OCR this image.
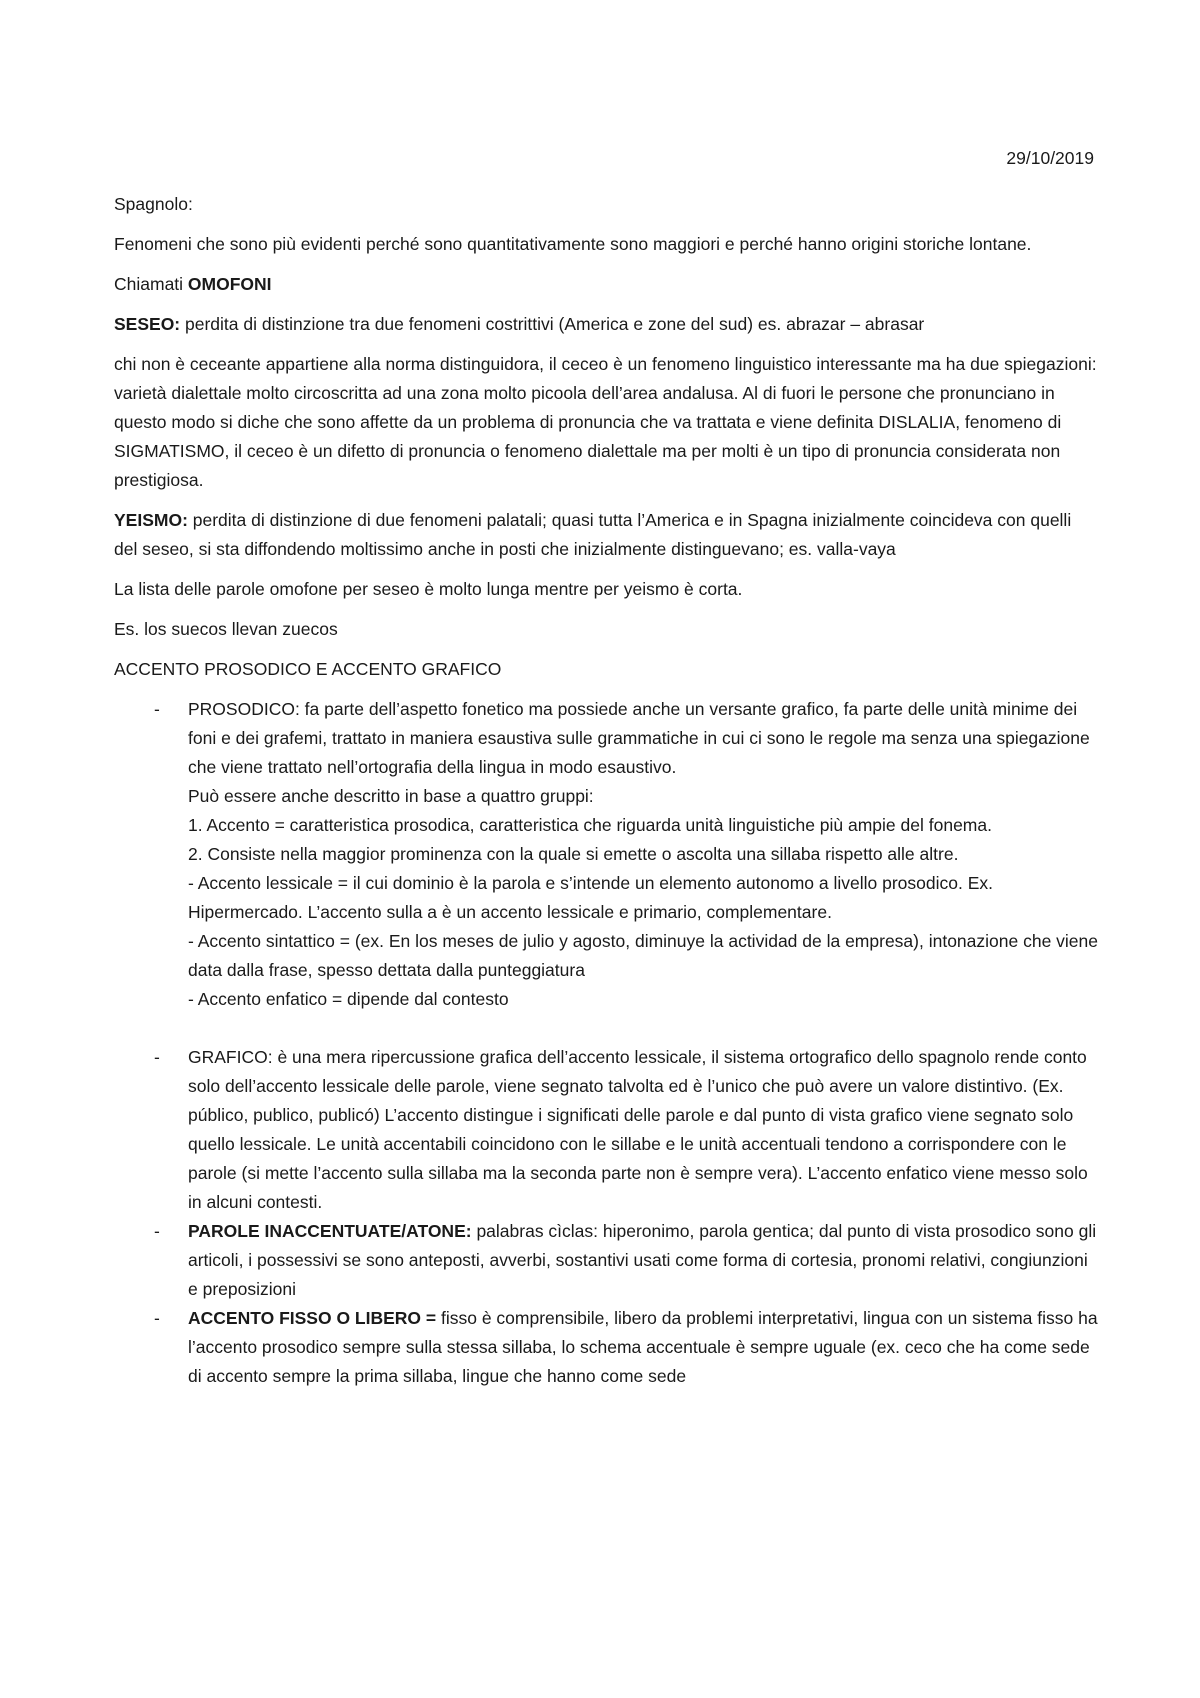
29/10/2019

Spagnolo:

Fenomeni che sono più evidenti perché sono quantitativamente sono maggiori e perché hanno origini storiche lontane.

Chiamati OMOFONI

SESEO: perdita di distinzione tra due fenomeni costrittivi (America e zone del sud) es. abrazar – abrasar

chi non è ceceante appartiene alla norma distinguidora, il ceceo è un fenomeno linguistico interessante ma ha due spiegazioni: varietà dialettale molto circoscritta ad una zona molto picoola dell’area andalusa. Al di fuori le persone che pronunciano in questo modo si diche che sono affette da un problema di pronuncia che va trattata e viene definita DISLALIA, fenomeno di SIGMATISMO, il ceceo è un difetto di pronuncia o fenomeno dialettale ma per molti è un tipo di pronuncia considerata non prestigiosa.

YEISMO: perdita di distinzione di due fenomeni palatali; quasi tutta l’America e in Spagna inizialmente coincideva con quelli del seseo, si sta diffondendo moltissimo anche in posti che inizialmente distinguevano; es. valla-vaya

La lista delle parole omofone per seseo è molto lunga mentre per yeismo è corta.

Es. los suecos llevan zuecos

ACCENTO PROSODICO E ACCENTO GRAFICO

- PROSODICO: fa parte dell’aspetto fonetico ma possiede anche un versante grafico, fa parte delle unità minime dei foni e dei grafemi, trattato in maniera esaustiva sulle grammatiche in cui ci sono le regole ma senza una spiegazione che viene trattato nell’ortografia della lingua in modo esaustivo.
Può essere anche descritto in base a quattro gruppi:
1. Accento = caratteristica prosodica, caratteristica che riguarda unità linguistiche più ampie del fonema.
2. Consiste nella maggior prominenza con la quale si emette o ascolta una sillaba rispetto alle altre.
- Accento lessicale = il cui dominio è la parola e s’intende un elemento autonomo a livello prosodico. Ex. Hipermercado. L’accento sulla a è un accento lessicale e primario, complementare.
- Accento sintattico = (ex. En los meses de julio y agosto, diminuye la actividad de la empresa), intonazione che viene data dalla frase, spesso dettata dalla punteggiatura
- Accento enfatico = dipende dal contesto
- GRAFICO: è una mera ripercussione grafica dell’accento lessicale, il sistema ortografico dello spagnolo rende conto solo dell’accento lessicale delle parole, viene segnato talvolta ed è l’unico che può avere un valore distintivo. (Ex. público, publico, publicó) L’accento distingue i significati delle parole e dal punto di vista grafico viene segnato solo quello lessicale. Le unità accentabili coincidono con le sillabe e le unità accentuali tendono a corrispondere con le parole (si mette l’accento sulla sillaba ma la seconda parte non è sempre vera). L’accento enfatico viene messo solo in alcuni contesti.
- PAROLE INACCENTUATE/ATONE: palabras cìclas: hiperonimo, parola gentica; dal punto di vista prosodico sono gli articoli, i possessivi se sono anteposti, avverbi, sostantivi usati come forma di cortesia, pronomi relativi, congiunzioni e preposizioni
- ACCENTO FISSO O LIBERO = fisso è comprensibile, libero da problemi interpretativi, lingua con un sistema fisso ha l’accento prosodico sempre sulla stessa sillaba, lo schema accentuale è sempre uguale (ex. ceco che ha come sede di accento sempre la prima sillaba, lingue che hanno come sede
